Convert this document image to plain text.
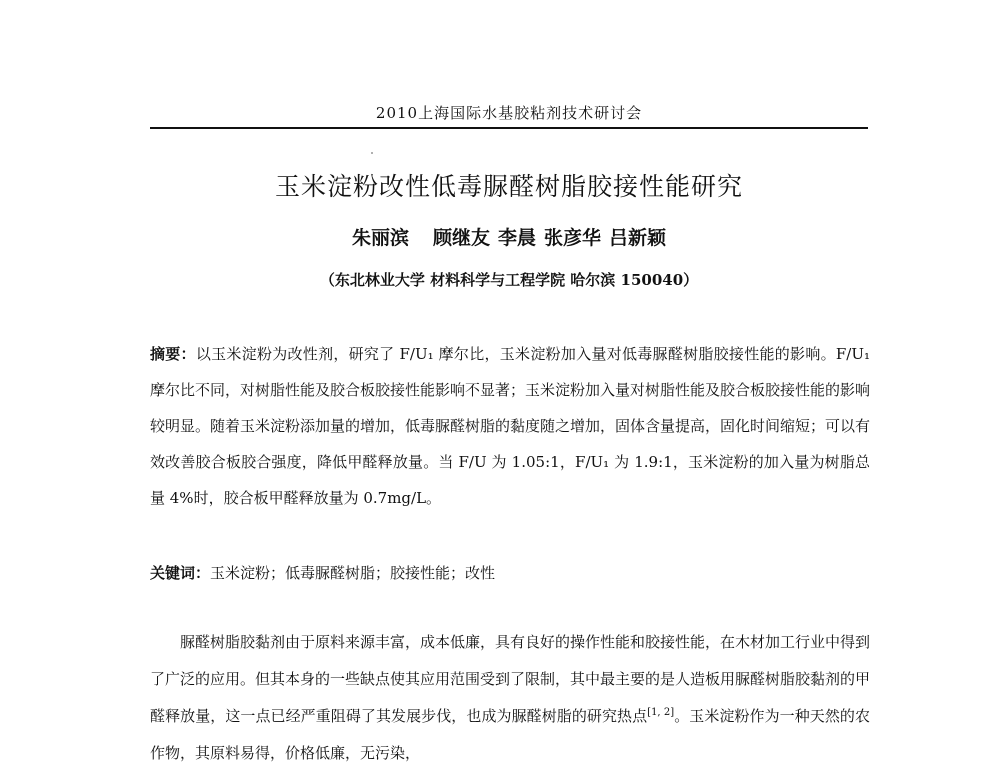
2010上海国际水基胶粘剂技术研讨会
玉米淀粉改性低毒脲醛树脂胶接性能研究
朱丽滨 顾继友 李晨 张彦华 吕新颖
（东北林业大学 材料科学与工程学院 哈尔滨 150040）
摘要：以玉米淀粉为改性剂，研究了 F/U₁ 摩尔比，玉米淀粉加入量对低毒脲醛树脂胶接性能的影响。F/U₁ 摩尔比不同，对树脂性能及胶合板胶接性能影响不显著；玉米淀粉加入量对树脂性能及胶合板胶接性能的影响较明显。随着玉米淀粉添加量的增加，低毒脲醛树脂的黏度随之增加，固体含量提高，固化时间缩短；可以有效改善胶合板胶合强度，降低甲醛释放量。当 F/U 为 1.05:1，F/U₁ 为 1.9:1，玉米淀粉的加入量为树脂总量 4%时，胶合板甲醛释放量为 0.7mg/L。
关键词：玉米淀粉；低毒脲醛树脂；胶接性能；改性
脲醛树脂胶黏剂由于原料来源丰富，成本低廉，具有良好的操作性能和胶接性能，在木材加工行业中得到了广泛的应用。但其本身的一些缺点使其应用范围受到了限制，其中最主要的是人造板用脲醛树脂胶黏剂的甲醛释放量，这一点已经严重阻碍了其发展步伐，也成为脲醛树脂的研究热点[1, 2]。玉米淀粉作为一种天然的农作物，其原料易得，价格低廉，无污染，
